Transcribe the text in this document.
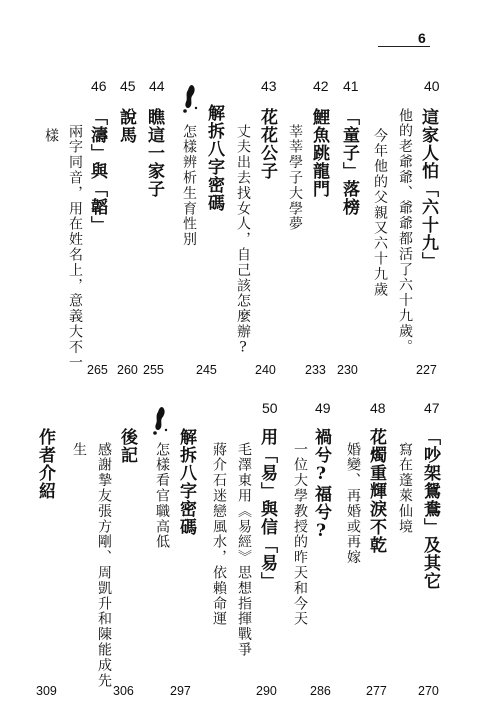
6
40
這家人怕「六十九」
他的老爺爺、爺爺都活了六十九歲。
今年他的父親又六十九歲
227
41
「童子」落榜
230
42
鯉魚跳龍門
莘莘學子大學夢
233
43
花花公子
丈夫出去找女人，自己該怎麼辦?
240
解拆八字密碼
怎樣辨析生育性別
245
44
瞧這一家子
255
45
說馬
260
46
「濤」與「韜」
兩字同音，用在姓名上，意義大不一
樣
265
47
「吵架鴛鴦」及其它
寫在蓬萊仙境
270
48
花燭重輝淚不乾
婚變、再婚或再嫁
277
49
禍兮?福兮?
一位大學教授的昨天和今天
286
50
用「易」與信「易」
毛澤東用《易經》思想指揮戰爭
蔣介石迷戀風水，依賴命運
290
解拆八字密碼
怎樣看官職高低
297
後記
感謝摯友張方剛、周凱升和陳能成先
生
306
作者介紹
309
